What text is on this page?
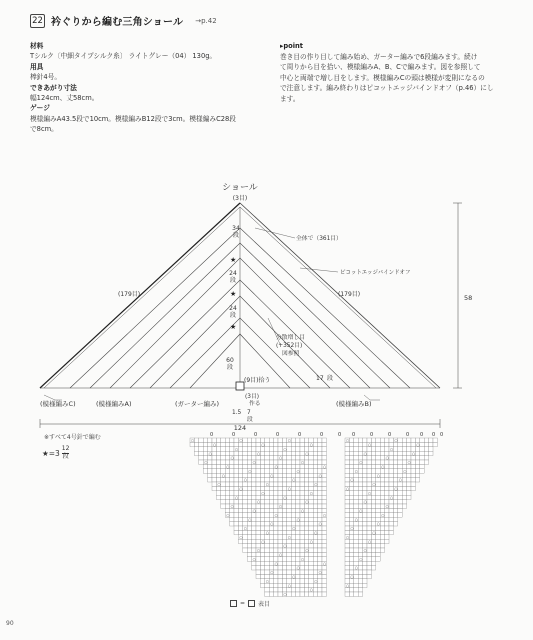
22 衿ぐりから編む三角ショール →p.42
材料
Tシルク〔中細タイプシルク糸〕 ライトグレー（04） 130g。
用具
棒針4号。
できあがり寸法
幅124cm、丈58cm。
ゲージ
模様編みA43.5段で10cm。模様編みB12段で3cm。模様編みC28段
で8cm。
▸point
巻き目の作り目して編み始め、ガーター編みで6段編みます。続け
て周りから目を拾い、模様編みA、B、Cで編みます。図を参照して
中心と両端で増し目をします。模様編みCの頭は模様が変則になるの
で注意します。編み終わりはピコットエッジバインドオフ（p.46）にし
ます。
★
★
★
ショール
(3目)
34
段
24
段
24
段
60
段
全体で（361目）
ピコットエッジバインドオフ
(179目)	(179目)	58
分散増し目
(+352目)
図参照
(9目)拾う	17 段
(3目)
作る
1.5 7
段
(模様編みC)	(模様編みA)	(ガーター編み)	(模様編みB)
124
※すべて4号針で編む
★=3 $\frac{12}{\text{段}}$
○	○	○
○	○	○
○	○
○	○	○
○	○
○	○	○
○	○	○
○	○
○	○	○
○	○
○	○	○
○	○
○	○
○	○
○	○
○	○
○	○
○	○	○
○	○
○	○
○	○
○	○
○	○
○	○
○
○	○
○
○	○
○	○
○
○	○
○
○	○
○
○
○
○	○
○	○
○
○	○
○
○	○
○
○	○
○
○	○
○
○	○
○
○
○
○
○
○
○
○
○
○
○
○
○
○
○
○
○
0	0	0	0	0	0	0 0	0	0	0 0 0 0
= 表目
90
